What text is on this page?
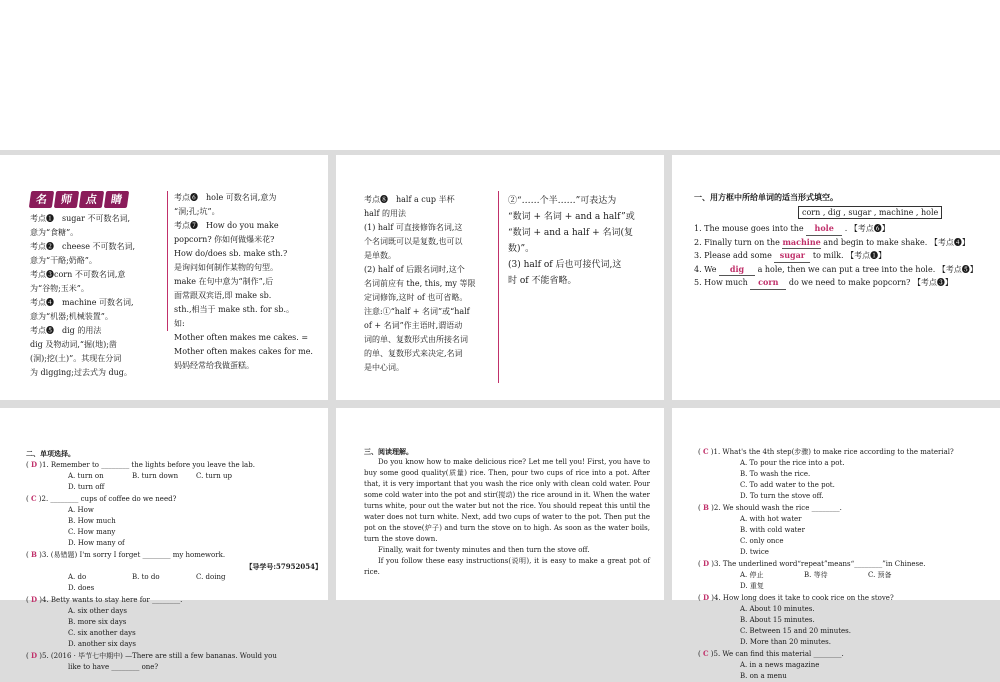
名	师	点	睛
考点❶　sugar 不可数名词,
意为“食糖”。
考点❷　cheese 不可数名词,
意为“干酪;奶酪”。
考点❸corn 不可数名词,意
为“谷物;玉米”。
考点❹　machine 可数名词,
意为“机器;机械装置”。
考点❺　dig 的用法
dig 及物动词,“掘(地);凿
(洞);挖(土)”。其现在分词
为 digging;过去式为 dug。
考点❻　hole 可数名词,意为
“洞;孔;坑”。
考点❼　How do you make
popcorn? 你如何做爆米花?
How do/does sb. make sth.?
是询问如何制作某物的句型。
make 在句中意为“制作”,后
面常跟双宾语,即 make sb.
sth.,相当于 make sth. for sb.。
如:
Mother often makes me cakes. =
Mother often makes cakes for me.
妈妈经常给我做蛋糕。
考点❽　half a cup 半杯
half 的用法
(1) half 可直接修饰名词,这
个名词既可以是复数,也可以
是单数。
(2) half of 后跟名词时,这个
名词前应有 the, this, my 等限
定词修饰,这时 of 也可省略。
注意:①“half + 名词”或“half
of + 名词”作主语时,谓语动
词的单、复数形式由所接名词
的单、复数形式来决定,名词
是中心词。
②“……个半……”可表达为
“数词 + 名词 + and a half”或
“数词 + and a half + 名词(复
数)”。
(3) half of 后也可接代词,这
时 of 不能省略。
一、用方框中所给单词的适当形式填空。
corn , dig , sugar , machine , hole
1. The mouse goes into the hole . 【考点❻】
2. Finally turn on the machine and begin to make shake. 【考点❹】
3. Please add some sugar to milk. 【考点❶】
4. We dig a hole, then we can put a tree into the hole. 【考点❺】
5. How much corn do we need to make popcorn? 【考点❸】
二、单项选择。
( D )1. Remember to ________ the lights before you leave the lab.
A. turn on	B. turn down	C. turn upD. turn off
( C )2. ________ cups of coffee do we need?
A. HowB. How much
C. How manyD. How many of
( B )3. (易错题) I'm sorry I forget ________ my homework.
【导学号:57952054】
A. do	B. to do	C. doingD. does
( D )4. Betty wants to stay here for ________.
A. six other daysB. more six days
C. six another daysD. another six days
( D )5. (2016 · 毕节七中期中) —There are still a few bananas. Would you
like to have ________ one?
三、阅读理解。
Do you know how to make delicious rice? Let me tell you! First, you have to buy some good quality(质量) rice. Then, pour two cups of rice into a pot. After that, it is very important that you wash the rice only with clean cold water. Pour some cold water into the pot and stir(搅动) the rice around in it. When the water turns white, pour out the water but not the rice. You should repeat this until the water does not turn white. Next, add two cups of water to the pot. Then put the pot on the stove(炉子) and turn the stove on to high. As soon as the water boils, turn the stove down.
Finally, wait for twenty minutes and then turn the stove off.
If you follow these easy instructions(说明), it is easy to make a great pot of rice.
( C )1. What's the 4th step(步骤) to make rice according to the material?
A. To pour the rice into a pot.B. To wash the rice.
C. To add water to the pot.D. To turn the stove off.
( B )2. We should wash the rice ________.
A. with hot waterB. with cold water
C. only onceD. twice
( D )3. The underlined word“repeat”means“________”in Chinese.
A. 停止	B. 等待	C. 预备D. 重复
( D )4. How long does it take to cook rice on the stove?
A. About 10 minutes.B. About 15 minutes.
C. Between 15 and 20 minutes.D. More than 20 minutes.
( C )5. We can find this material ________.
A. in a news magazineB. on a menu
